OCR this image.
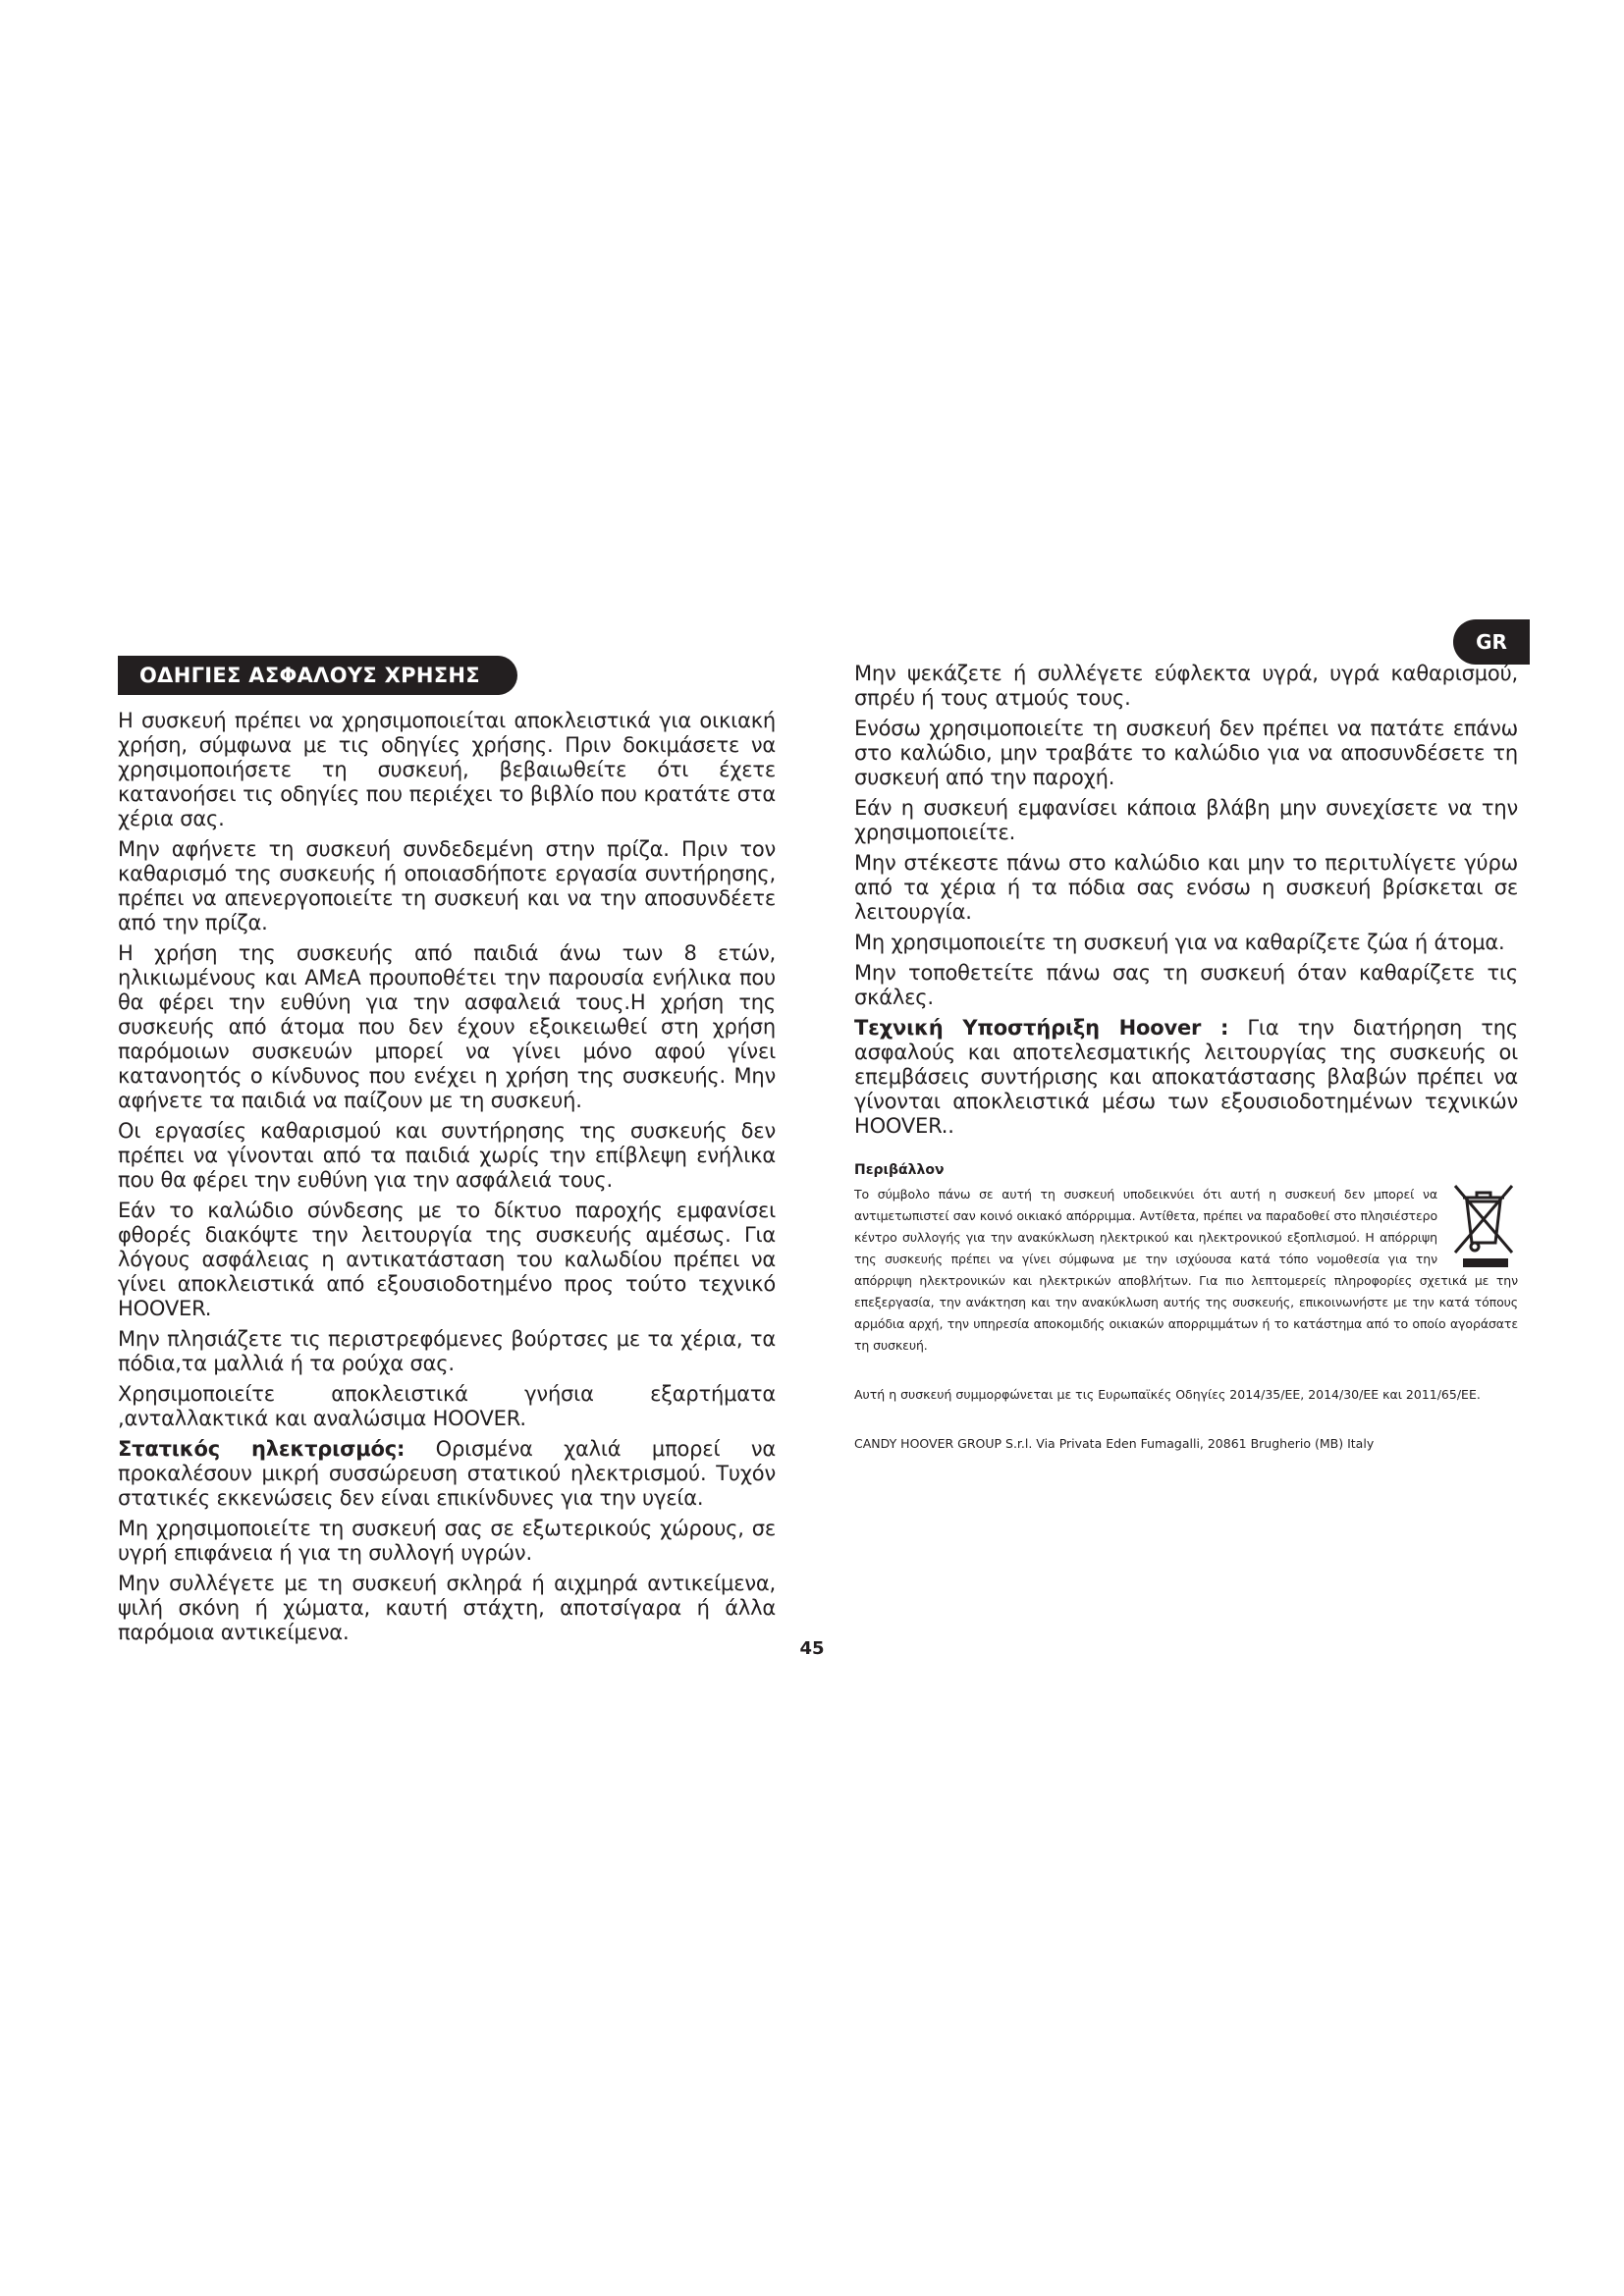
GR
ΟΔΗΓΙΕΣ ΑΣΦΑΛΟΥΣ ΧΡΗΣΗΣ

Η συσκευή πρέπει να χρησιμοποιείται αποκλειστικά για οικιακή χρήση, σύμφωνα με τις οδηγίες χρήσης. Πριν δοκιμάσετε να χρησιμοποιήσετε τη συσκευή, βεβαιωθείτε ότι έχετε κατανοήσει τις οδηγίες που περιέχει το βιβλίο που κρατάτε στα χέρια σας.

Μην αφήνετε τη συσκευή συνδεδεμένη στην πρίζα. Πριν τον καθαρισμό της συσκευής ή οποιασδήποτε εργασία συντήρησης, πρέπει να απενεργοποιείτε τη συσκευή και να την αποσυνδέετε από την πρίζα.

Η χρήση της συσκευής από παιδιά άνω των 8 ετών, ηλικιωμένους και ΑΜεΑ προυποθέτει την παρουσία ενήλικα που θα φέρει την ευθύνη για την ασφαλειά τους.Η χρήση της συσκευής από άτομα που δεν έχουν εξοικειωθεί στη χρήση παρόμοιων συσκευών μπορεί να γίνει μόνο αφού γίνει κατανοητός ο κίνδυνος που ενέχει η χρήση της συσκευής. Μην αφήνετε τα παιδιά να παίζουν με τη συσκευή.

Οι εργασίες καθαρισμού και συντήρησης της συσκευής δεν πρέπει να γίνονται από τα παιδιά χωρίς την επίβλεψη ενήλικα που θα φέρει την ευθύνη για την ασφάλειά τους.

Εάν το καλώδιο σύνδεσης με το δίκτυο παροχής εμφανίσει φθορές διακόψτε την λειτουργία της συσκευής αμέσως. Για λόγους ασφάλειας η αντικατάσταση του καλωδίου πρέπει να γίνει αποκλειστικά από εξουσιοδοτημένο προς τούτο τεχνικό HOOVER.

Μην πλησιάζετε τις περιστρεφόμενες βούρτσες με τα χέρια, τα πόδια,τα μαλλιά ή τα ρούχα σας.

Χρησιμοποιείτε αποκλειστικά γνήσια εξαρτήματα ,ανταλλακτικά και αναλώσιμα HOOVER.

Στατικός ηλεκτρισμός: Ορισμένα χαλιά μπορεί να προκαλέσουν μικρή συσσώρευση στατικού ηλεκτρισμού. Τυχόν στατικές εκκενώσεις δεν είναι επικίνδυνες για την υγεία.

Μη χρησιμοποιείτε τη συσκευή σας σε εξωτερικούς χώρους, σε υγρή επιφάνεια ή για τη συλλογή υγρών.

Μην συλλέγετε με τη συσκευή σκληρά ή αιχμηρά αντικείμενα, ψιλή σκόνη ή χώματα, καυτή στάχτη, αποτσίγαρα ή άλλα παρόμοια αντικείμενα.

Μην ψεκάζετε ή συλλέγετε εύφλεκτα υγρά, υγρά καθαρισμού, σπρέυ ή τους ατμούς τους.

Ενόσω χρησιμοποιείτε τη συσκευή δεν πρέπει να πατάτε επάνω στο καλώδιο, μην τραβάτε το καλώδιο για να αποσυνδέσετε τη συσκευή από την παροχή.

Εάν η συσκευή εμφανίσει κάποια βλάβη μην συνεχίσετε να την χρησιμοποιείτε.

Μην στέκεστε πάνω στο καλώδιο και μην το περιτυλίγετε γύρω από τα χέρια ή τα πόδια σας ενόσω η συσκευή βρίσκεται σε λειτουργία.

Μη χρησιμοποιείτε τη συσκευή για να καθαρίζετε ζώα ή άτομα.

Μην τοποθετείτε πάνω σας τη συσκευή όταν καθαρίζετε τις σκάλες.

Τεχνική Υποστήριξη Hoover : Για την διατήρηση της ασφαλούς και αποτελεσματικής λειτουργίας της συσκευής οι επεμβάσεις συντήρισης και αποκατάστασης βλαβών πρέπει να γίνονται αποκλειστικά μέσω των εξουσιοδοτημένων τεχνικών HOOVER..

Περιβάλλον

Το σύμβολο πάνω σε αυτή τη συσκευή υποδεικνύει ότι αυτή η συσκευή δεν μπορεί να αντιμετωπιστεί σαν κοινό οικιακό απόρριμμα. Αντίθετα, πρέπει να παραδοθεί στο πλησιέστερο κέντρο συλλογής για την ανακύκλωση ηλεκτρικού και ηλεκτρονικού εξοπλισμού. Η απόρριψη της συσκευής πρέπει να γίνει σύμφωνα με την ισχύουσα κατά τόπο νομοθεσία για την απόρριψη ηλεκτρονικών και ηλεκτρικών αποβλήτων. Για πιο λεπτομερείς πληροφορίες σχετικά με την επεξεργασία, την ανάκτηση και την ανακύκλωση αυτής της συσκευής, επικοινωνήστε με την κατά τόπους αρμόδια αρχή, την υπηρεσία αποκομιδής οικιακών απορριμμάτων ή το κατάστημα από το οποίο αγοράσατε τη συσκευή.

Αυτή η συσκευή συμμορφώνεται με τις Ευρωπαϊκές Οδηγίες 2014/35/ΕΕ, 2014/30/ΕΕ και 2011/65/ΕΕ.

CANDY HOOVER GROUP S.r.l. Via Privata Eden Fumagalli, 20861 Brugherio (MB) Italy

45
